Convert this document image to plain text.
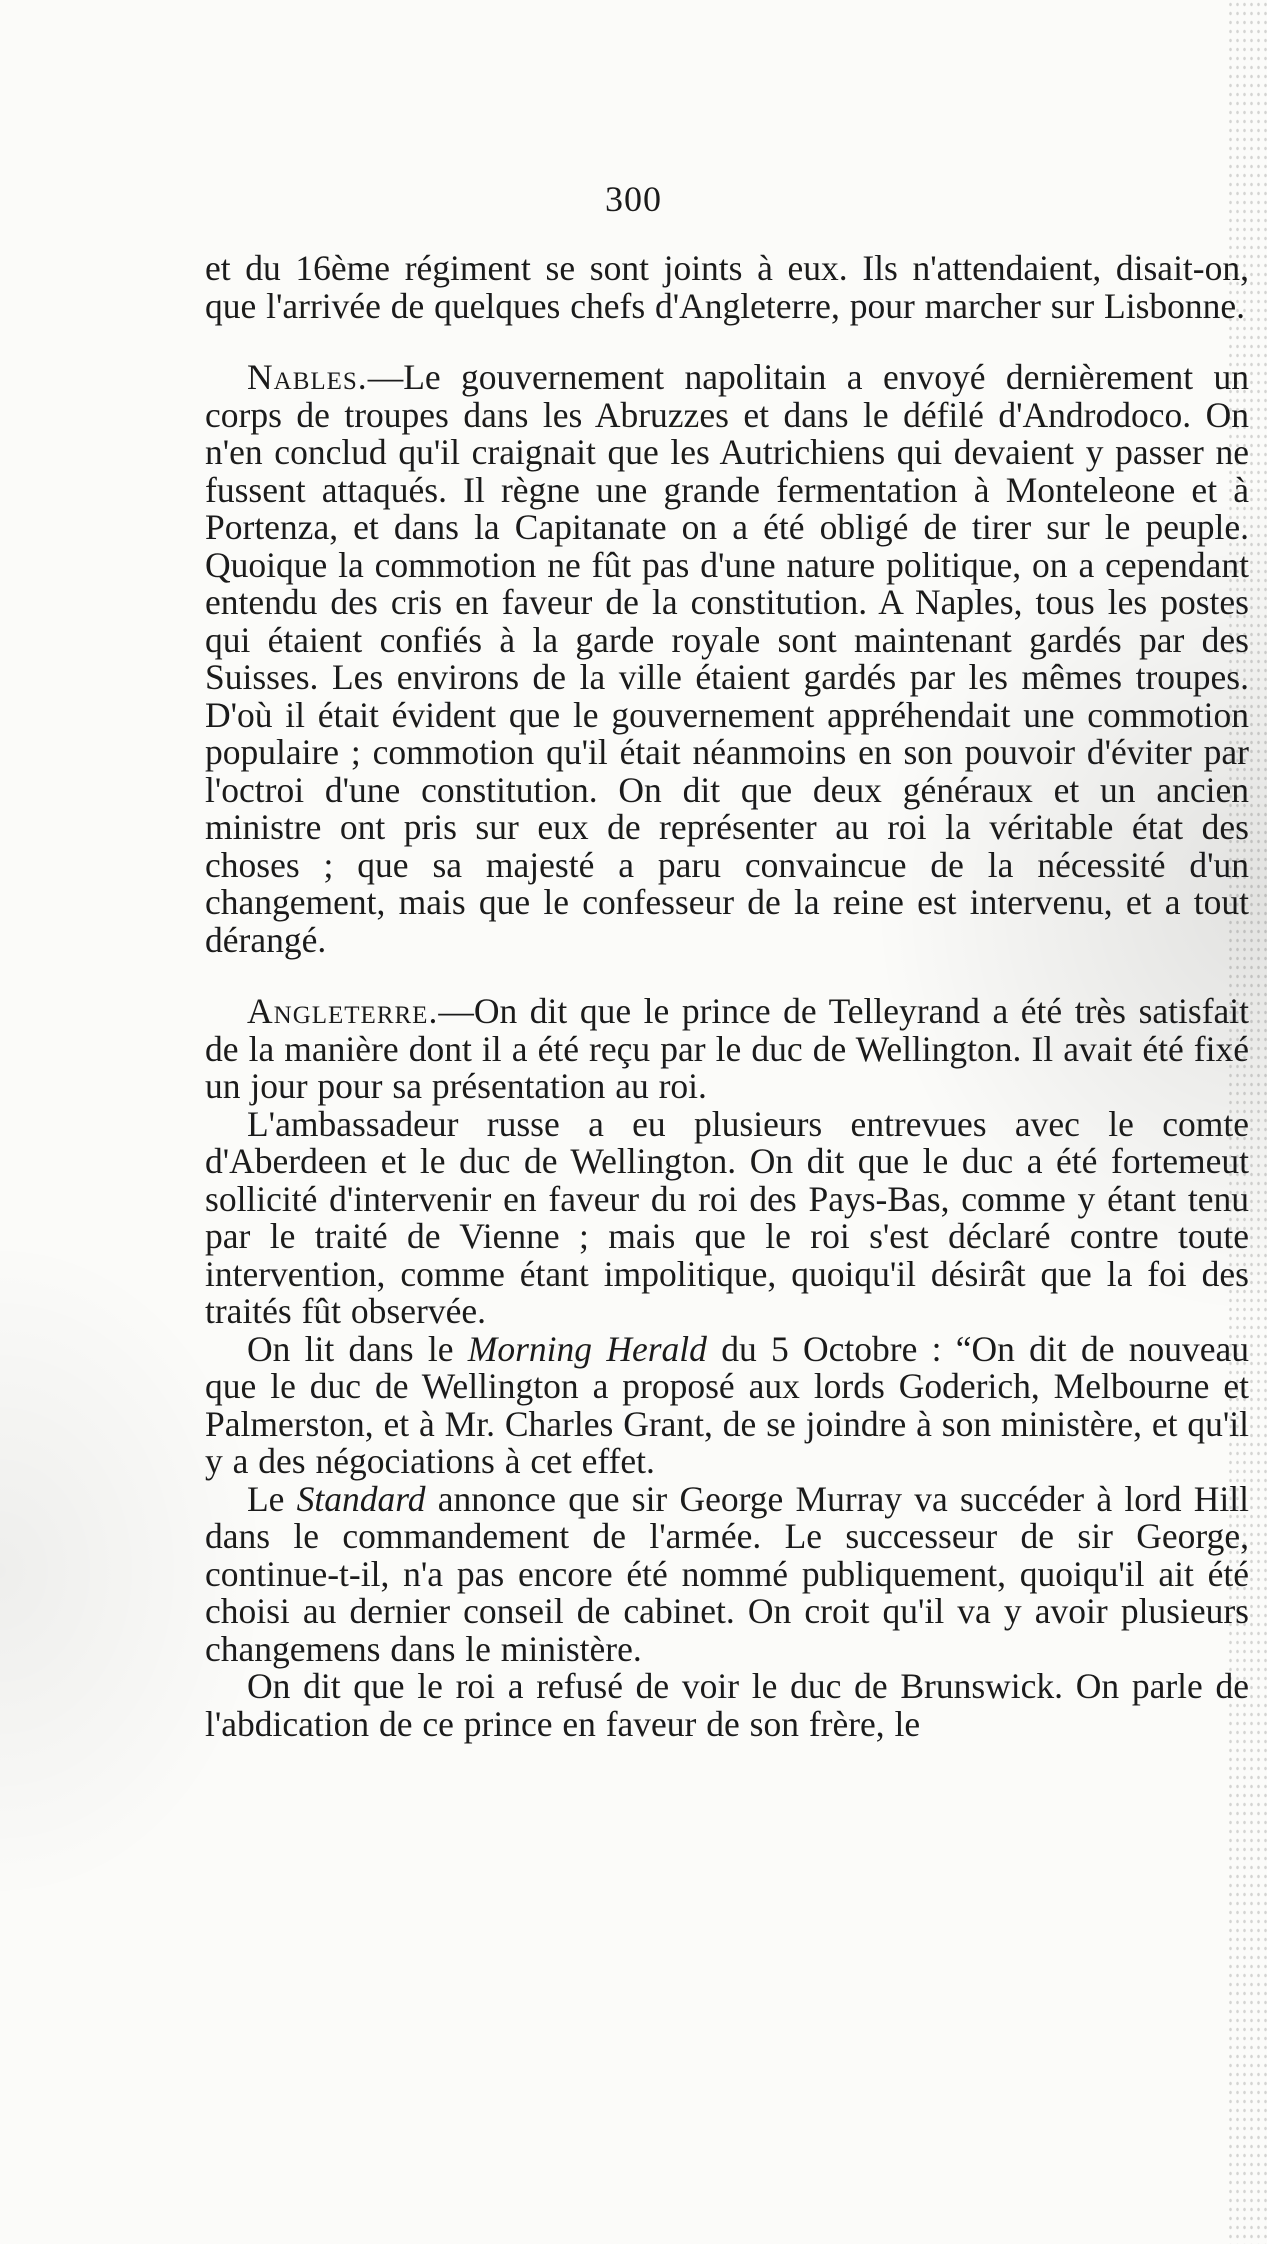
300

et du 16ème régiment se sont joints à eux. Ils n'attendaient, disait-on, que l'arrivée de quelques chefs d'Angleterre, pour marcher sur Lisbonne.

Nables.—Le gouvernement napolitain a envoyé dernièrement un corps de troupes dans les Abruzzes et dans le défilé d'Androdoco. On n'en conclud qu'il craignait que les Autrichiens qui devaient y passer ne fussent attaqués. Il règne une grande fermentation à Monteleone et à Portenza, et dans la Capitanate on a été obligé de tirer sur le peuple. Quoique la commotion ne fût pas d'une nature politique, on a cependant entendu des cris en faveur de la constitution. A Naples, tous les postes qui étaient confiés à la garde royale sont maintenant gardés par des Suisses. Les environs de la ville étaient gardés par les mêmes troupes. D'où il était évident que le gouvernement appréhendait une commotion populaire ; commotion qu'il était néanmoins en son pouvoir d'éviter par l'octroi d'une constitution. On dit que deux généraux et un ancien ministre ont pris sur eux de représenter au roi la véritable état des choses ; que sa majesté a paru convaincue de la nécessité d'un changement, mais que le confesseur de la reine est intervenu, et a tout dérangé.

Angleterre.—On dit que le prince de Telleyrand a été très satisfait de la manière dont il a été reçu par le duc de Wellington. Il avait été fixé un jour pour sa présentation au roi.

L'ambassadeur russe a eu plusieurs entrevues avec le comte d'Aberdeen et le duc de Wellington. On dit que le duc a été fortemeut sollicité d'intervenir en faveur du roi des Pays-Bas, comme y étant tenu par le traité de Vienne ; mais que le roi s'est déclaré contre toute intervention, comme étant impolitique, quoiqu'il désirât que la foi des traités fût observée.

On lit dans le Morning Herald du 5 Octobre : “On dit de nouveau que le duc de Wellington a proposé aux lords Goderich, Melbourne et Palmerston, et à Mr. Charles Grant, de se joindre à son ministère, et qu'il y a des négociations à cet effet.

Le Standard annonce que sir George Murray va succéder à lord Hill dans le commandement de l'armée. Le successeur de sir George, continue-t-il, n'a pas encore été nommé publiquement, quoiqu'il ait été choisi au dernier conseil de cabinet. On croit qu'il va y avoir plusieurs changemens dans le ministère.

On dit que le roi a refusé de voir le duc de Brunswick. On parle de l'abdication de ce prince en faveur de son frère, le
